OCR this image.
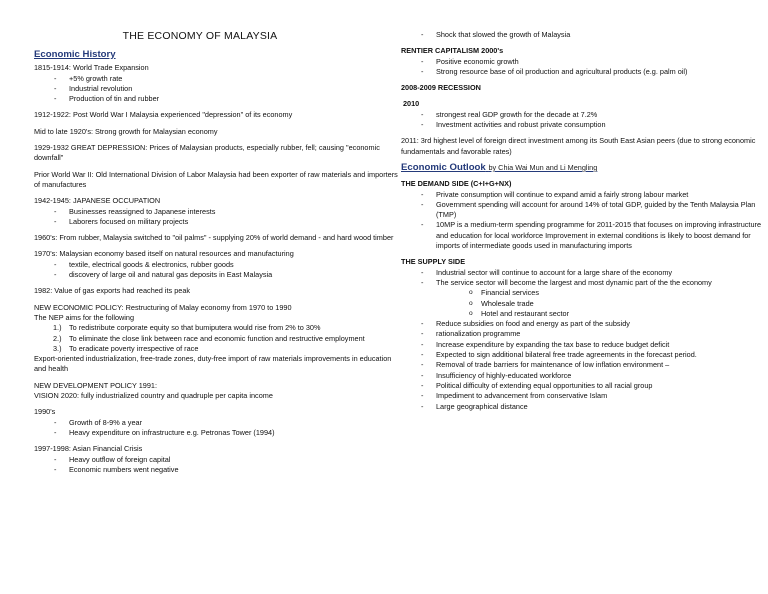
THE ECONOMY OF MALAYSIA

Economic History

1815-1914: World Trade Expansion

- +5% growth rate
- Industrial revolution
- Production of tin and rubber

1912-1922: Post World War I Malaysia experienced "depression" of its economy

Mid to late 1920's: Strong growth for Malaysian economy

1929-1932 GREAT DEPRESSION: Prices of Malaysian products, especially rubber, fell; causing "economic downfall"

Prior World War II: Old International Division of Labor Malaysia had been exporter of raw materials and importers of manufactures

1942-1945: JAPANESE OCCUPATION

- Businesses reassigned to Japanese interests
- Laborers focused on military projects

1960's: From rubber, Malaysia switched to "oil palms" - supplying 20% of world demand - and hard wood timber

1970's: Malaysian economy based itself on natural resources and manufacturing

- textile, electrical goods & electronics, rubber goods
- discovery of large oil and natural gas deposits in East Malaysia

1982: Value of gas exports had reached its peak

NEW ECONOMIC POLICY: Restructuring of Malay economy from 1970 to 1990

The NEP aims for the following

1.) To redistribute corporate equity so that bumiputera would rise from 2% to 30%
2.) To eliminate the close link between race and economic function and restructive employment
3.) To eradicate poverty irrespective of race

Export-oriented industrialization, free-trade zones, duty-free import of raw materials improvements in education and health

NEW DEVELOPMENT POLICY 1991:

VISION 2020: fully industrialized country and quadruple per capita income

1990's

- Growth of 8-9% a year
- Heavy expenditure on infrastructure e.g. Petronas Tower (1994)

1997-1998: Asian Financial Crisis

- Heavy outflow of foreign capital
- Economic numbers went negative
- Shock that slowed the growth of Malaysia

RENTIER CAPITALISM 2000's

- Positive economic growth
- Strong resource base of oil production and agricultural products (e.g. palm oil)

2008-2009 RECESSION

2010

- strongest real GDP growth for the decade at 7.2%
- Investment activities and robust private consumption

2011: 3rd highest level of foreign direct investment among its South East Asian peers (due to strong economic fundamentals and favorable rates)

Economic Outlook by Chia Wai Mun and Li Mengling

THE DEMAND SIDE (C+I+G+NX)

- Private consumption will continue to expand amid a fairly strong labour market
- Government spending will account for around 14% of total GDP, guided by the Tenth Malaysia Plan (TMP)
- 10MP is a medium-term spending programme for 2011-2015 that focuses on improving infrastructure and education for local workforce Improvement in external conditions is likely to boost demand for imports of intermediate goods used in manufacturing imports

THE SUPPLY SIDE

- Industrial sector will continue to account for a large share of the economy
- The service sector will become the largest and most dynamic part of the the economy
o Financial services
o Wholesale trade
o Hotel and restaurant sector
- Reduce subsidies on food and energy as part of the subsidy
- rationalization programme
- Increase expenditure by expanding the tax base to reduce budget deficit
- Expected to sign additional bilateral free trade agreements in the forecast period.
- Removal of trade barriers for maintenance of low inflation environment –
- Insufficiency of highly-educated workforce
- Political difficulty of extending equal opportunities to all racial group
- Impediment to advancement from conservative Islam
- Large geographical distance
